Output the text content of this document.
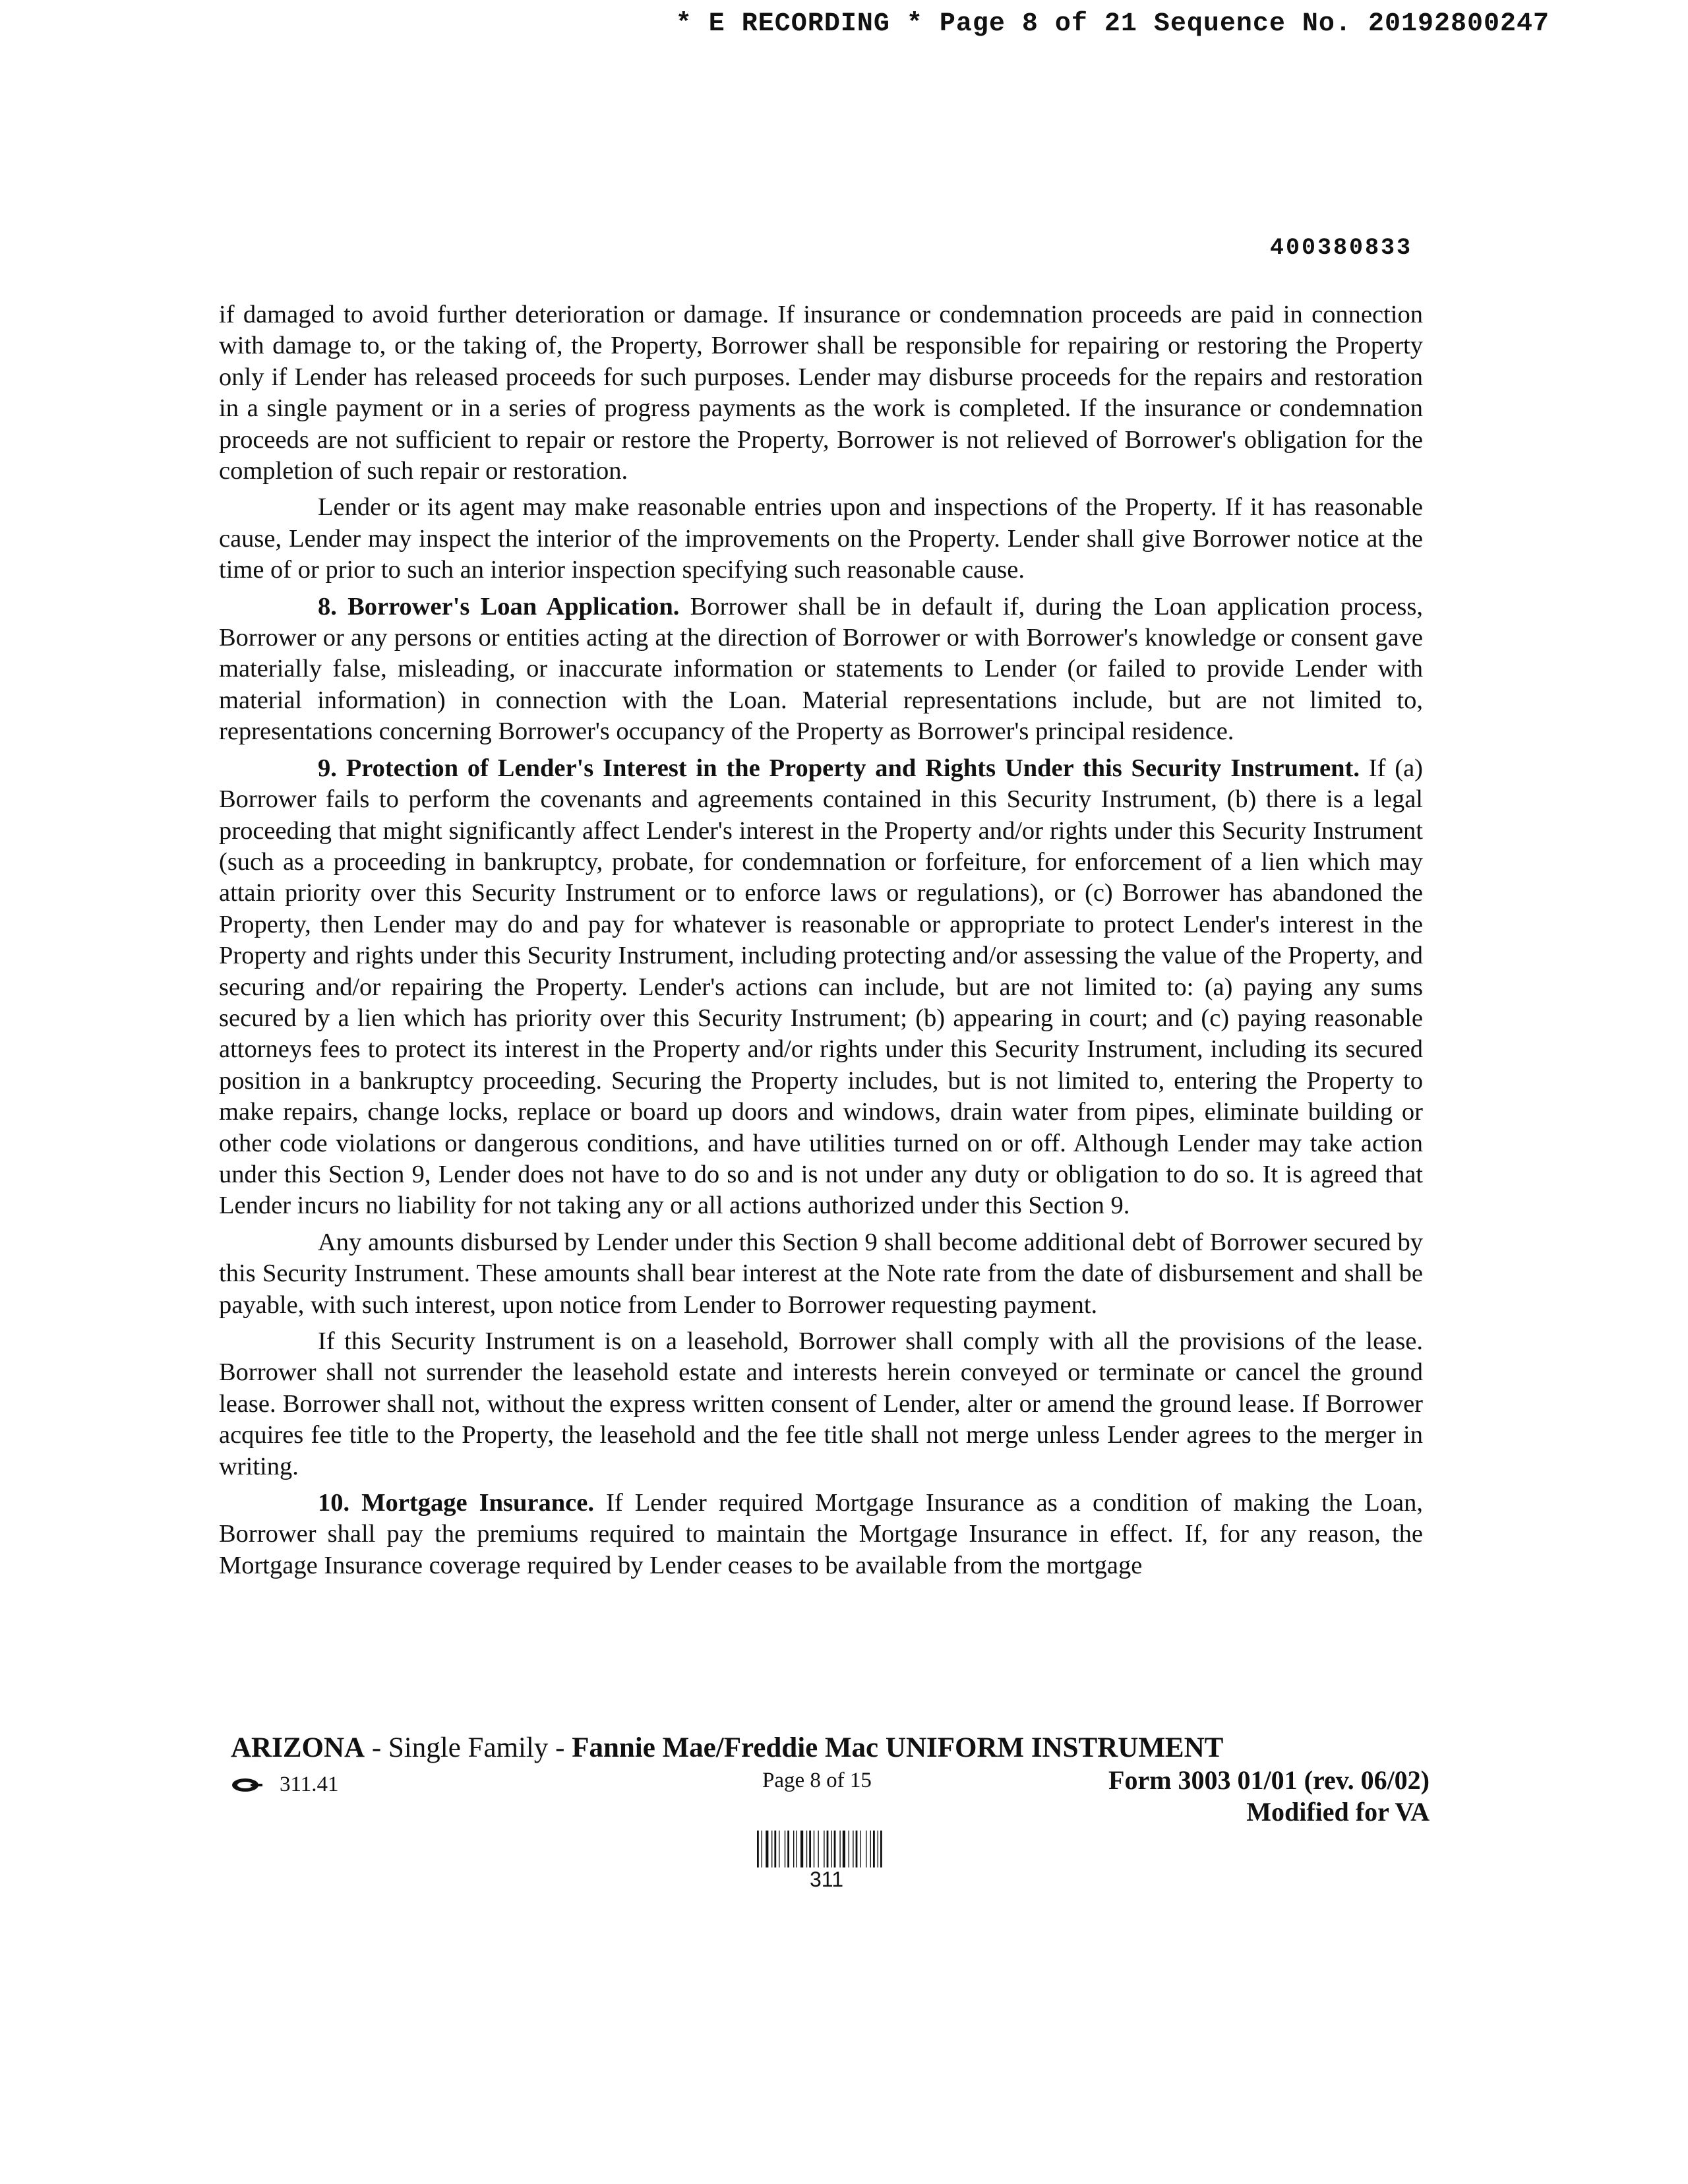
* E RECORDING * Page 8 of 21 Sequence No. 20192800247
400380833

if damaged to avoid further deterioration or damage. If insurance or condemnation proceeds are paid in connection with damage to, or the taking of, the Property, Borrower shall be responsible for repairing or restoring the Property only if Lender has released proceeds for such purposes. Lender may disburse proceeds for the repairs and restoration in a single payment or in a series of progress payments as the work is completed. If the insurance or condemnation proceeds are not sufficient to repair or restore the Property, Borrower is not relieved of Borrower's obligation for the completion of such repair or restoration.

Lender or its agent may make reasonable entries upon and inspections of the Property. If it has reasonable cause, Lender may inspect the interior of the improvements on the Property. Lender shall give Borrower notice at the time of or prior to such an interior inspection specifying such reasonable cause.

8. Borrower's Loan Application. Borrower shall be in default if, during the Loan application process, Borrower or any persons or entities acting at the direction of Borrower or with Borrower's knowledge or consent gave materially false, misleading, or inaccurate information or statements to Lender (or failed to provide Lender with material information) in connection with the Loan. Material representations include, but are not limited to, representations concerning Borrower's occupancy of the Property as Borrower's principal residence.

9. Protection of Lender's Interest in the Property and Rights Under this Security Instrument. If (a) Borrower fails to perform the covenants and agreements contained in this Security Instrument, (b) there is a legal proceeding that might significantly affect Lender's interest in the Property and/or rights under this Security Instrument (such as a proceeding in bankruptcy, probate, for condemnation or forfeiture, for enforcement of a lien which may attain priority over this Security Instrument or to enforce laws or regulations), or (c) Borrower has abandoned the Property, then Lender may do and pay for whatever is reasonable or appropriate to protect Lender's interest in the Property and rights under this Security Instrument, including protecting and/or assessing the value of the Property, and securing and/or repairing the Property. Lender's actions can include, but are not limited to: (a) paying any sums secured by a lien which has priority over this Security Instrument; (b) appearing in court; and (c) paying reasonable attorneys fees to protect its interest in the Property and/or rights under this Security Instrument, including its secured position in a bankruptcy proceeding. Securing the Property includes, but is not limited to, entering the Property to make repairs, change locks, replace or board up doors and windows, drain water from pipes, eliminate building or other code violations or dangerous conditions, and have utilities turned on or off. Although Lender may take action under this Section 9, Lender does not have to do so and is not under any duty or obligation to do so. It is agreed that Lender incurs no liability for not taking any or all actions authorized under this Section 9.

Any amounts disbursed by Lender under this Section 9 shall become additional debt of Borrower secured by this Security Instrument. These amounts shall bear interest at the Note rate from the date of disbursement and shall be payable, with such interest, upon notice from Lender to Borrower requesting payment.

If this Security Instrument is on a leasehold, Borrower shall comply with all the provisions of the lease. Borrower shall not surrender the leasehold estate and interests herein conveyed or terminate or cancel the ground lease. Borrower shall not, without the express written consent of Lender, alter or amend the ground lease. If Borrower acquires fee title to the Property, the leasehold and the fee title shall not merge unless Lender agrees to the merger in writing.

10. Mortgage Insurance. If Lender required Mortgage Insurance as a condition of making the Loan, Borrower shall pay the premiums required to maintain the Mortgage Insurance in effect. If, for any reason, the Mortgage Insurance coverage required by Lender ceases to be available from the mortgage

ARIZONA - Single Family - Fannie Mae/Freddie Mac UNIFORM INSTRUMENT
311.41	Page 8 of 15	Form 3003 01/01 (rev. 06/02)
Modified for VA
311
